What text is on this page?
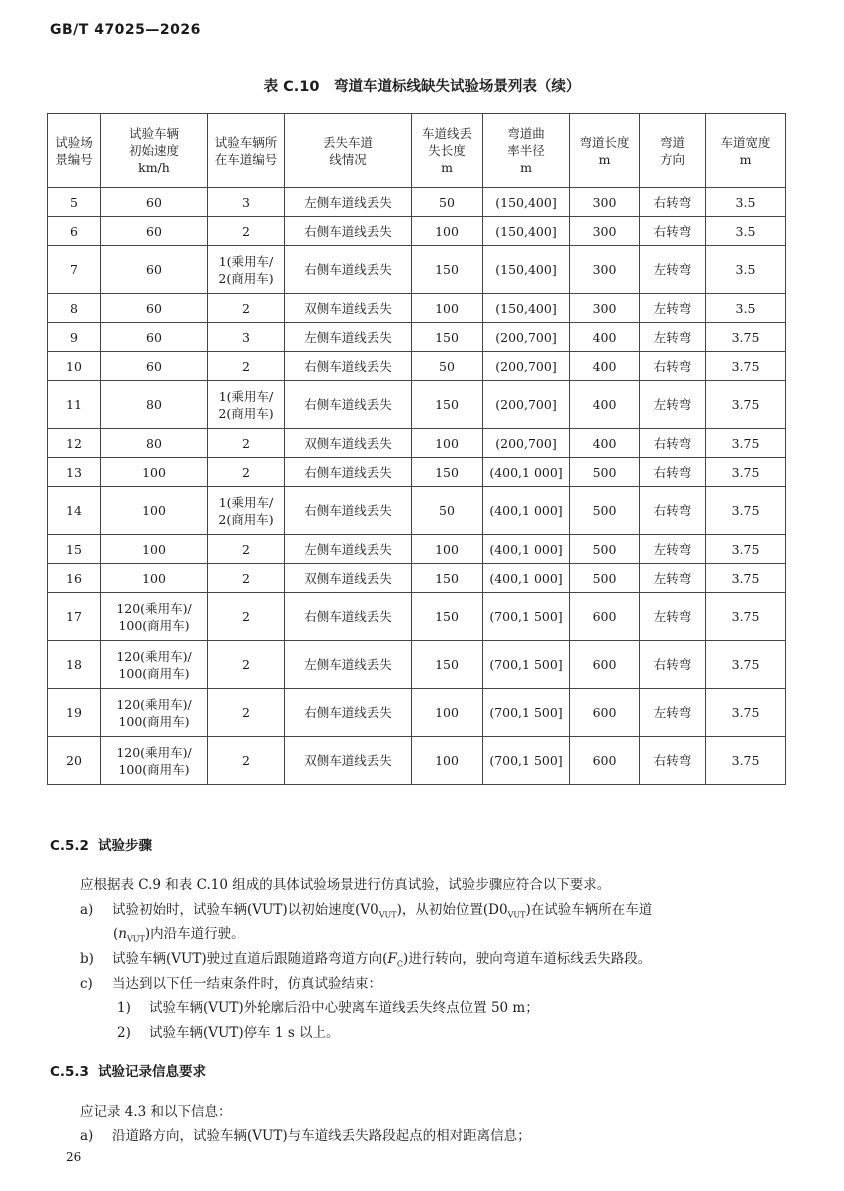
GB/T 47025—2026
表 C.10　弯道车道标线缺失试验场景列表（续）
试验场
景编号	试验车辆
初始速度
km/h	试验车辆所
在车道编号	丢失车道
线情况	车道线丢
失长度
m	弯道曲
率半径
m	弯道长度
m	弯道
方向	车道宽度
m

5	60	3	左侧车道线丢失	50	(150,400]	300	右转弯	3.5
6	60	2	右侧车道线丢失	100	(150,400]	300	右转弯	3.5
7	60	1(乘用车/
2(商用车)	右侧车道线丢失	150	(150,400]	300	左转弯	3.5
8	60	2	双侧车道线丢失	100	(150,400]	300	左转弯	3.5
9	60	3	左侧车道线丢失	150	(200,700]	400	左转弯	3.75
10	60	2	右侧车道线丢失	50	(200,700]	400	右转弯	3.75
11	80	1(乘用车/
2(商用车)	右侧车道线丢失	150	(200,700]	400	左转弯	3.75
12	80	2	双侧车道线丢失	100	(200,700]	400	右转弯	3.75
13	100	2	右侧车道线丢失	150	(400,1 000]	500	右转弯	3.75
14	100	1(乘用车/
2(商用车)	右侧车道线丢失	50	(400,1 000]	500	右转弯	3.75
15	100	2	左侧车道线丢失	100	(400,1 000]	500	左转弯	3.75
16	100	2	双侧车道线丢失	150	(400,1 000]	500	左转弯	3.75
17	120(乘用车)/
100(商用车)	2	右侧车道线丢失	150	(700,1 500]	600	左转弯	3.75
18	120(乘用车)/
100(商用车)	2	左侧车道线丢失	150	(700,1 500]	600	右转弯	3.75
19	120(乘用车)/
100(商用车)	2	右侧车道线丢失	100	(700,1 500]	600	左转弯	3.75
20	120(乘用车)/
100(商用车)	2	双侧车道线丢失	100	(700,1 500]	600	右转弯	3.75
C.5.2 试验步骤
应根据表 C.9 和表 C.10 组成的具体试验场景进行仿真试验，试验步骤应符合以下要求。
a) 试验初始时，试验车辆(VUT)以初始速度$(V0_{VUT})$，从初始位置$(D0_{VUT})$在试验车辆所在车道
$(n_{VUT})$内沿车道行驶。
b) 试验车辆(VUT)驶过直道后跟随道路弯道方向$(F_C)$进行转向，驶向弯道车道标线丢失路段。
c) 当达到以下任一结束条件时，仿真试验结束：
1) 试验车辆(VUT)外轮廓后沿中心驶离车道线丢失终点位置 50 m；
2) 试验车辆(VUT)停车 1 s 以上。
C.5.3 试验记录信息要求
应记录 4.3 和以下信息：
a) 沿道路方向，试验车辆(VUT)与车道线丢失路段起点的相对距离信息；
26
